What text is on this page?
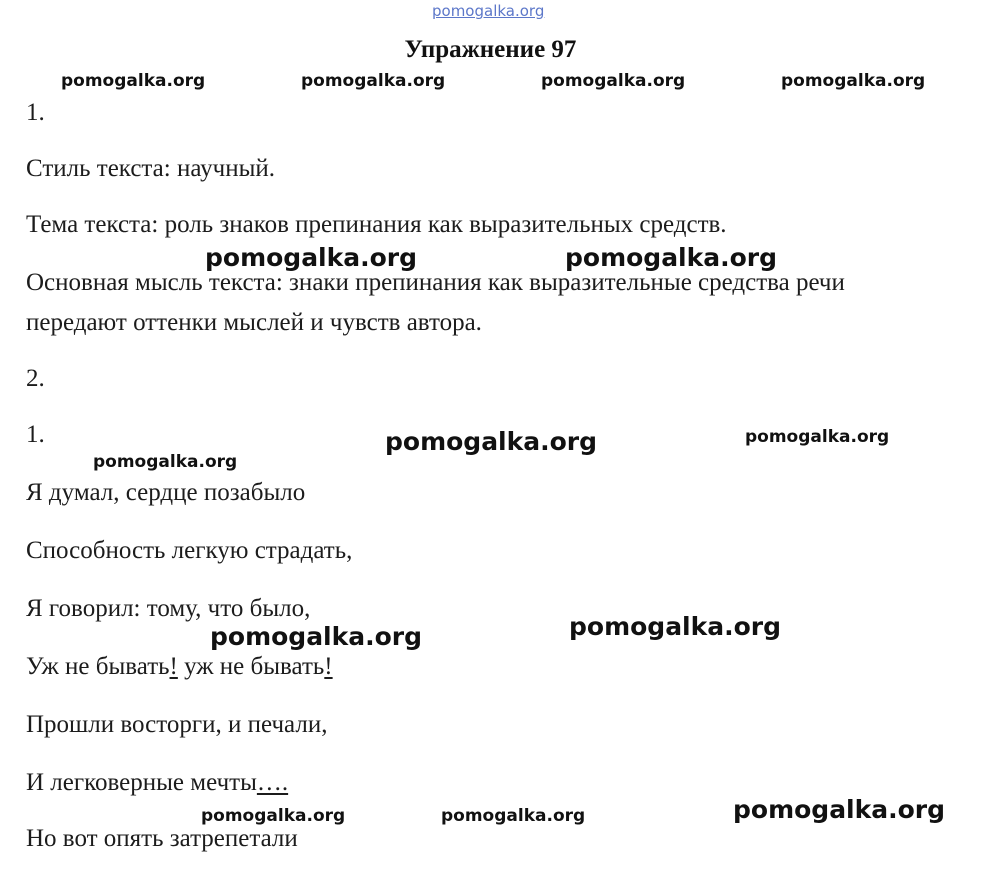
pomogalka.org
Упражнение 97
pomogalka.org	pomogalka.org	pomogalka.org	pomogalka.org
1.
Стиль текста: научный.
Тема текста: роль знаков препинания как выразительных средств.
pomogalka.org	pomogalka.org
Основная мысль текста: знаки препинания как выразительные средства речи
передают оттенки мыслей и чувств автора.
2.
1.	pomogalka.org	pomogalka.org
pomogalka.org
Я думал, сердце позабыло
Способность легкую страдать,
Я говорил: тому, что было,
pomogalka.org	pomogalka.org
Уж не бывать! уж не бывать!
Прошли восторги, и печали,
И легковерные мечты….
pomogalka.org	pomogalka.org	pomogalka.org
Но вот опять затрепетали
